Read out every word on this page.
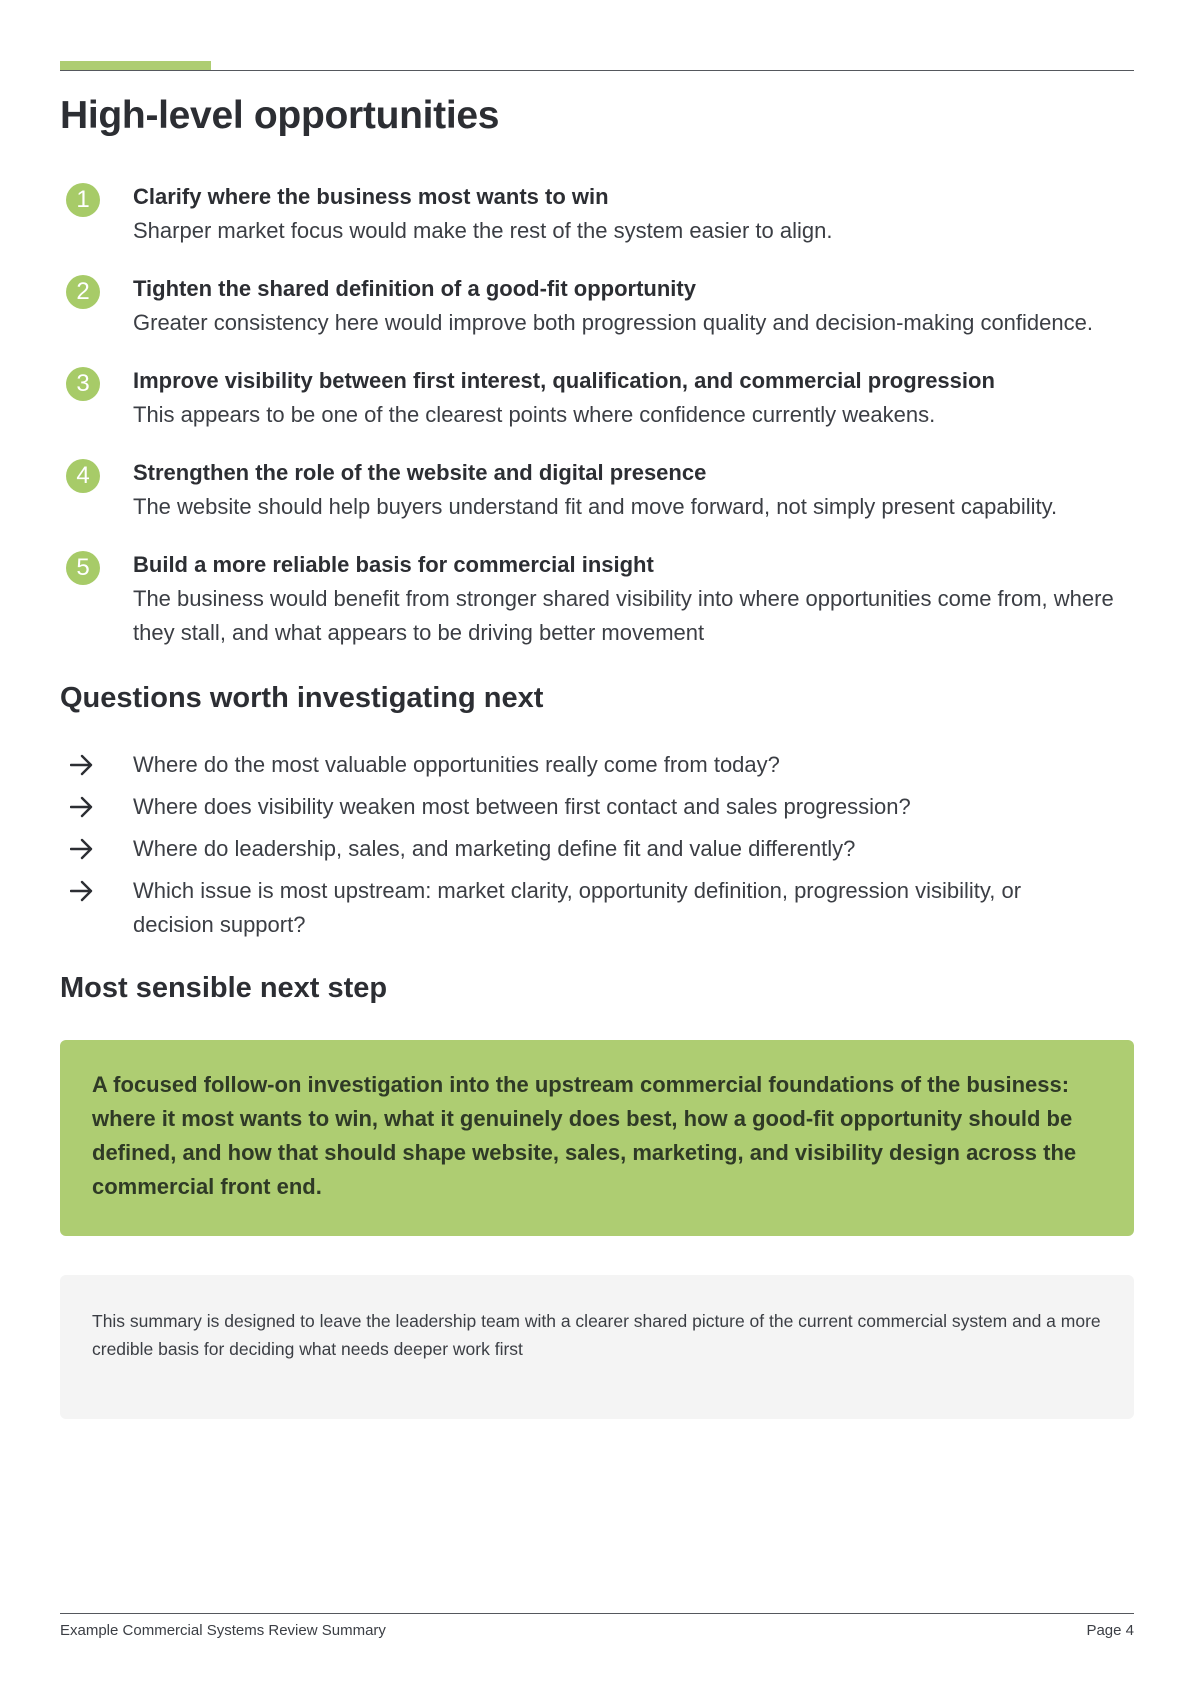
High-level opportunities
1	Clarify where the business most wants to win
Sharper market focus would make the rest of the system easier to align.
2	Tighten the shared definition of a good-fit opportunity
Greater consistency here would improve both progression quality and decision-making confidence.
3	Improve visibility between first interest, qualification, and commercial progression
This appears to be one of the clearest points where confidence currently weakens.
4	Strengthen the role of the website and digital presence
The website should help buyers understand fit and move forward, not simply present capability.
5	Build a more reliable basis for commercial insight
The business would benefit from stronger shared visibility into where opportunities come from, where they stall, and what appears to be driving better movement
Questions worth investigating next
Where do the most valuable opportunities really come from today?
Where does visibility weaken most between first contact and sales progression?
Where do leadership, sales, and marketing define fit and value differently?
Which issue is most upstream: market clarity, opportunity definition, progression visibility, or decision support?
Most sensible next step
A focused follow-on investigation into the upstream commercial foundations of the business: where it most wants to win, what it genuinely does best, how a good-fit opportunity should be defined, and how that should shape website, sales, marketing, and visibility design across the commercial front end.
This summary is designed to leave the leadership team with a clearer shared picture of the current commercial system and a more credible basis for deciding what needs deeper work first
Example Commercial Systems Review Summary	Page 4
